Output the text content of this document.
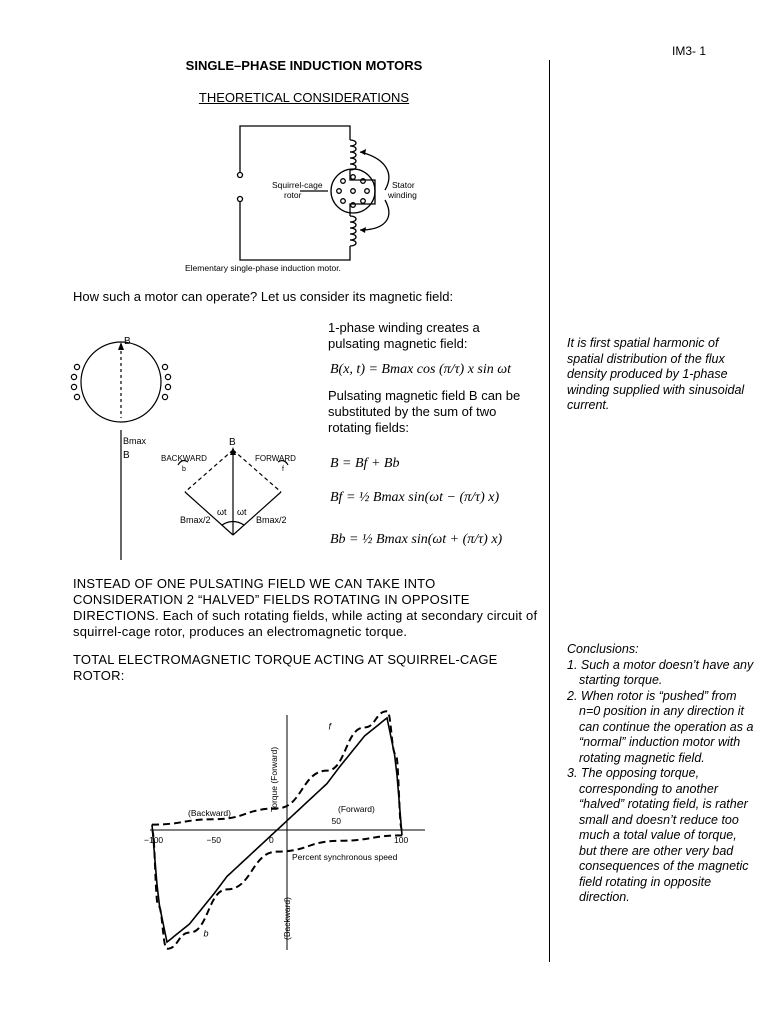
IM3- 1
SINGLE–PHASE INDUCTION MOTORS
THEORETICAL CONSIDERATIONS
Squirrel-cage
rotor
Stator
winding
Elementary single-phase induction motor.
How such a motor can operate? Let us consider its magnetic field:
B
Bmax
B
B
BACKWARD	FORWARD
b	f
ωt ωt
Bmax/2	Bmax/2
1-phase winding creates a pulsating magnetic field:
B(x, t) = Bmax cos (π/τ) x sin ωt
Pulsating magnetic field B can be substituted by the sum of two rotating fields:
B = Bf + Bb
Bf = ½ Bmax sin(ωt − (π/τ) x)
Bb = ½ Bmax sin(ωt + (π/τ) x)
It is first spatial harmonic of spatial distribution of the flux density produced by 1-phase winding supplied with sinusoidal current.
INSTEAD OF ONE PULSATING FIELD WE CAN TAKE INTO CONSIDERATION 2 “HALVED” FIELDS ROTATING IN OPPOSITE DIRECTIONS. Each of such rotating fields, while acting at secondary circuit of squirrel-cage rotor, produces an electromagnetic torque.
TOTAL ELECTROMAGNETIC TORQUE ACTING AT SQUIRREL-CAGE ROTOR:
Conclusions:
1. Such a motor doesn’t have any starting torque.
2. When rotor is “pushed” from n=0 position in any direction it can continue the operation as a “normal” induction motor with rotating magnetic field.
3. The opposing torque, corresponding to another “halved” rotating field, is rather small and doesn’t reduce too much a total value of torque, but there are other very bad consequences of the magnetic field rotating in opposite direction.
Percent synchronous speed
Torque (Forward)
(Backward)
(Backward)	(Forward)
−100	−50	0
50
100
f
b
